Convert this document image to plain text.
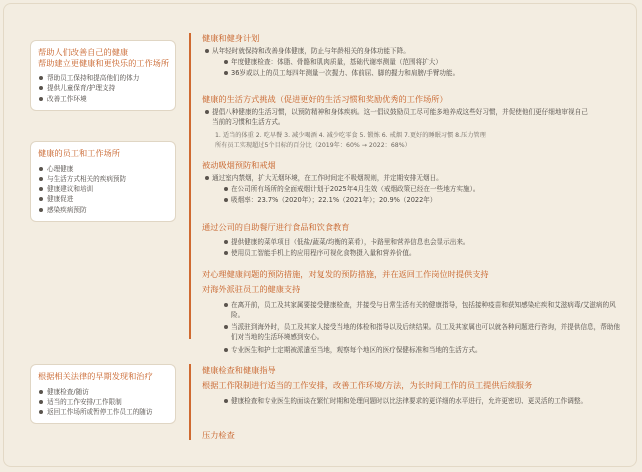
帮助人们改善自己的健康
帮助建立更健康和更快乐的工作场所
帮助员工保持和提高他们的体力
提供儿童保育/护理支持
改善工作环境
健康的员工和工作场所
心理健康
与生活方式相关的疾病预防
健康建议和培训
健康促进
感染疾病预防
根据相关法律的早期发现和治疗
健康检查/随访
适当的工作安排/工作限制
返回工作场所或暂停工作员工的随访
健康和健身计划
从年轻时就保持和改善身体健康，防止与年龄相关的身体功能下降。
年度健康检查：体脂、骨骼和肌肉质量，基础代谢率测量（范围将扩大）
36岁或以上的员工每四年测量一次握力、体前屈、脚的握力和肩膀/手臂功能。
健康的生活方式挑战（促进更好的生活习惯和奖励优秀的工作场所）
提倡八种健康的生活习惯，以预防精神和身体疾病。这一倡议鼓励员工尽可能多地养成这些好习惯，并促使他们更仔细地审视自己当前的习惯和生活方式。
1. 适当的体重 2. 吃早餐 3. 减少喝酒 4. 减少吃零食 5. 锻炼 6. 戒烟 7.更好的睡眠习惯 8.压力管理
所有员工实现超过5个目标的百分比（2019年：60% → 2022：68%）
被动吸烟预防和戒烟
通过室内禁烟，扩大无烟环境，在工作时间定不吸烟规则，并定期安排无烟日。
在公司所有场所的全面戒烟计划于2025年4月生效（戒烟政策已经在一些地方实施）。
吸烟率：23.7%（2020年）；22.1%（2021年）；20.9%（2022年）
通过公司的自助餐厅进行食品和饮食教育
提供健康的菜单项目（低盐/蔬菜/均衡的菜肴），卡路里和营养信息也会显示出来。
使用员工智能手机上的应用程序可视化食物摄入量和营养价值。
对心理健康问题的预防措施，对复发的预防措施，并在返回工作岗位时提供支持
对海外派驻员工的健康支持
在离开前，员工及其家属要接受健康检查，并接受与日常生活有关的健康指导，包括接种疫苗和获知感染疟疾和艾滋病毒/艾滋病的风险。
当派驻到海外时，员工及其家人接受当地的体检和指导以及后续结果。员工及其家属也可以就各种问题进行咨询，并提供信息，帮助他们对当地的生活环境感到安心。
专业医生和护士定期被派遣至当地，观察每个地区的医疗保健标准和当地的生活方式。
健康检查和健康指导
根据工作限制进行适当的工作安排，改善工作环境/方法，为长时间工作的员工提供后续服务
健康检查和专业医生的面谈在繁忙时期和处理问题时以比法律要求的更详细的水平进行，允许更密切、更灵活的工作调整。
压力检查
